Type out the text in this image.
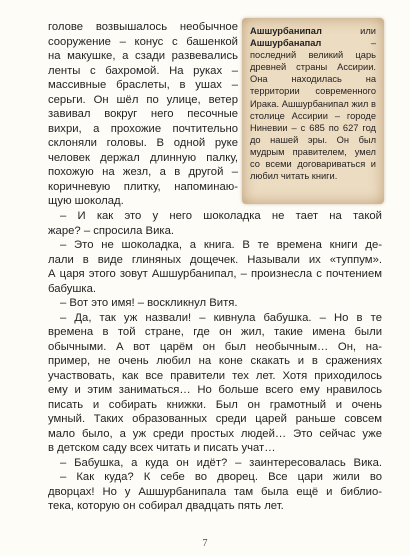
голове возвышалось необычное

сооружение – конус с башенкой

на макушке, а сзади развевались

ленты с бахромой. На руках –

массивные браслеты, в ушах –

серьги. Он шёл по улице, ветер

завивал вокруг него песочные

вихри, а прохожие почтительно

склоняли головы. В одной руке

человек держал длинную палку,

похожую на жезл, а в другой –

коричневую плитку, напоминаю-

щую шоколад.

Ашшурбанипал или Ашшурбанапал – последний великий царь древней страны Ассирии. Она находилась на территории современного Ирака. Ашшурбанипал жил в столице Ассирии – городе Ниневии – с 685 по 627 год до нашей эры. Он был мудрым правителем, умел со всеми договариваться и любил читать книги.

– И как это у него шоколадка не тает на такой

жаре? – спросила Вика.

– Это не шоколадка, а книга. В те времена книги де-

лали в виде глиняных дощечек. Называли их «туппум».

А царя этого зовут Ашшурбанипал, – произнесла с почтением

бабушка.

– Вот это имя! – воскликнул Витя.

– Да, так уж назвали! – кивнула бабушка. – Но в те

времена в той стране, где он жил, такие имена были

обычными. А вот царём он был необычным… Он, на-

пример, не очень любил на коне скакать и в сражениях

участвовать, как все правители тех лет. Хотя приходилось

ему и этим заниматься… Но больше всего ему нравилось

писать и собирать книжки. Был он грамотный и очень

умный. Таких образованных среди царей раньше совсем

мало было, а уж среди простых людей… Это сейчас уже

в детском саду всех читать и писать учат…

– Бабушка, а куда он идёт? – заинтересовалась Вика.

– Как куда? К себе во дворец. Все цари жили во

дворцах! Но у Ашшурбанипала там была ещё и библио-

тека, которую он собирал двадцать пять лет.

7
